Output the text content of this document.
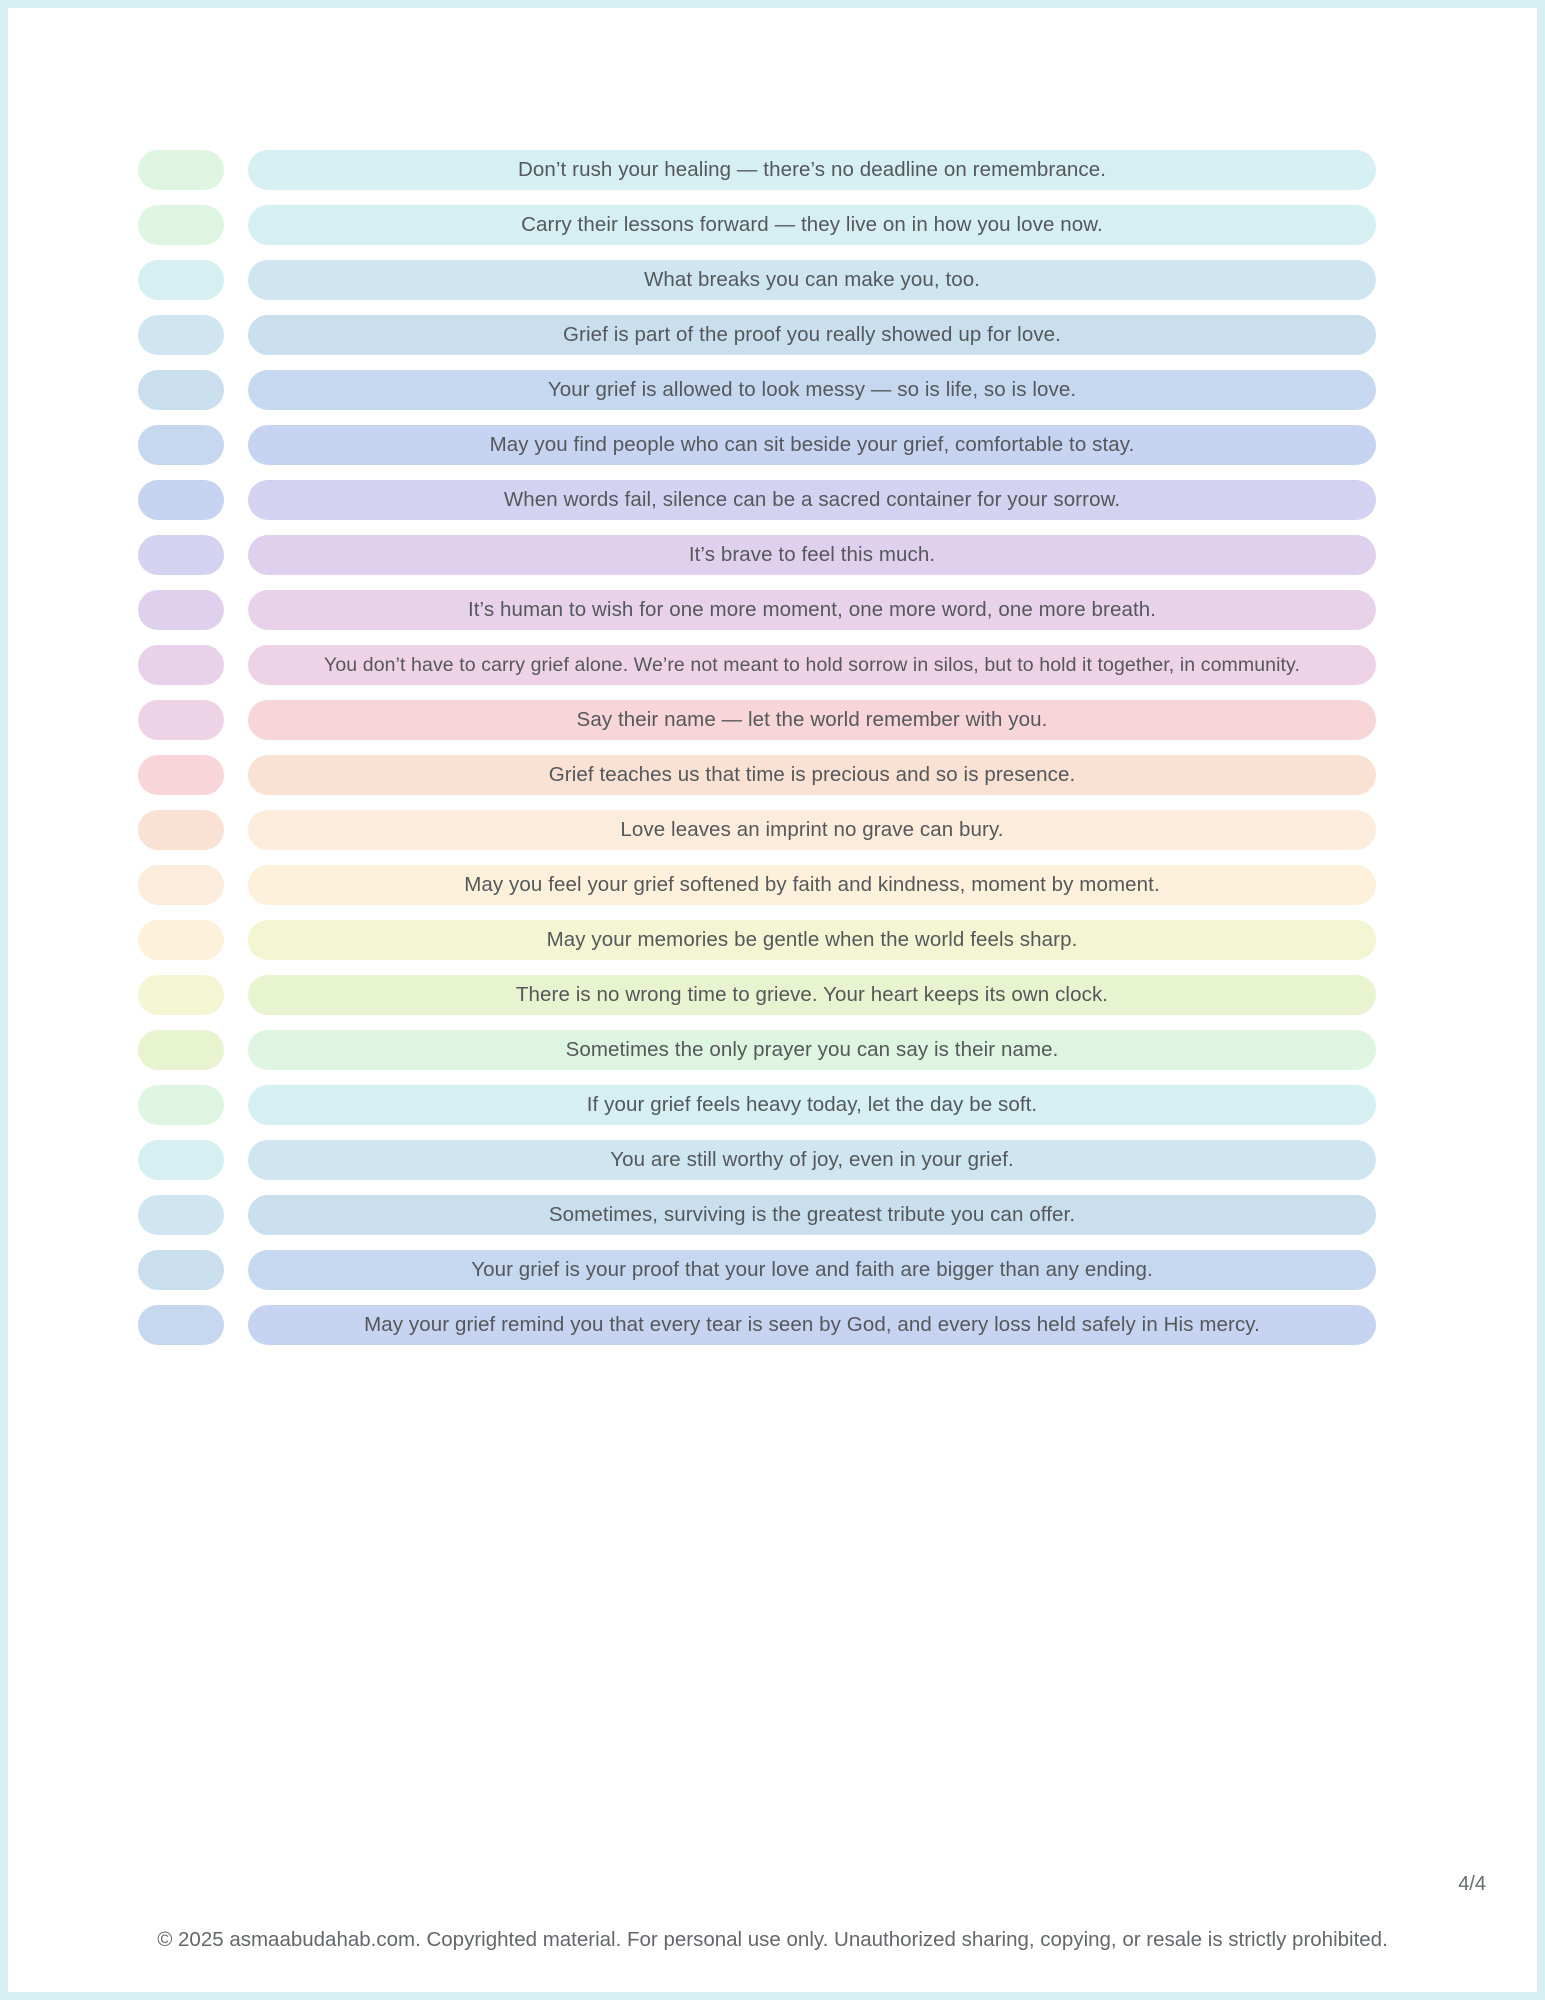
Don’t rush your healing — there’s no deadline on remembrance.
Carry their lessons forward — they live on in how you love now.
What breaks you can make you, too.
Grief is part of the proof you really showed up for love.
Your grief is allowed to look messy — so is life, so is love.
May you find people who can sit beside your grief, comfortable to stay.
When words fail, silence can be a sacred container for your sorrow.
It’s brave to feel this much.
It’s human to wish for one more moment, one more word, one more breath.
You don’t have to carry grief alone. We’re not meant to hold sorrow in silos, but to hold it together, in community.
Say their name — let the world remember with you.
Grief teaches us that time is precious and so is presence.
Love leaves an imprint no grave can bury.
May you feel your grief softened by faith and kindness, moment by moment.
May your memories be gentle when the world feels sharp.
There is no wrong time to grieve. Your heart keeps its own clock.
Sometimes the only prayer you can say is their name.
If your grief feels heavy today, let the day be soft.
You are still worthy of joy, even in your grief.
Sometimes, surviving is the greatest tribute you can offer.
Your grief is your proof that your love and faith are bigger than any ending.
May your grief remind you that every tear is seen by God, and every loss held safely in His mercy.
4/4
© 2025 asmaabudahab.com. Copyrighted material. For personal use only. Unauthorized sharing, copying, or resale is strictly prohibited.
